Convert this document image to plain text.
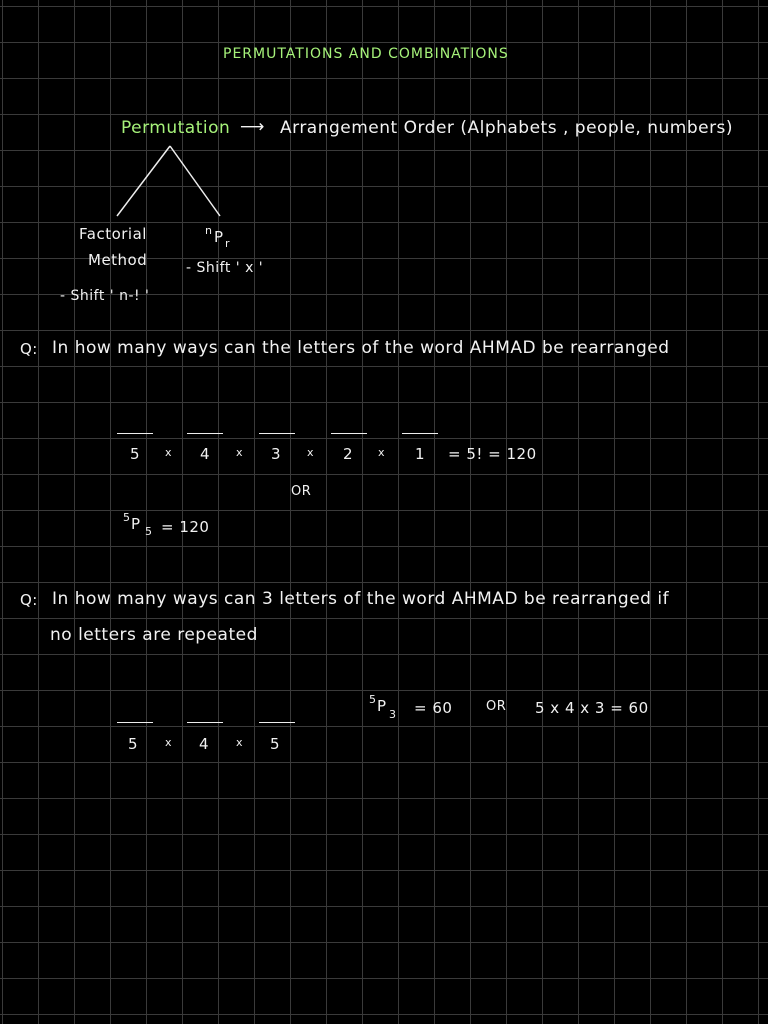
PERMUTATIONS AND COMBINATIONS
Permutation ⟶ Arrangement Order (Alphabets , people, numbers)
Factorial
Method
- Shift ' n-! '
n P r
- Shift ' x '
Q: In how many ways can the letters of the word AHMAD be rearranged
5 x 4 x 3 x 2 x 1 = 5! = 120
OR
5 P 5 = 120
Q: In how many ways can 3 letters of the word AHMAD be rearranged if
no letters are repeated
5 P 3 = 60	OR 5 x 4 x 3 = 60
5 x 4 x 5
